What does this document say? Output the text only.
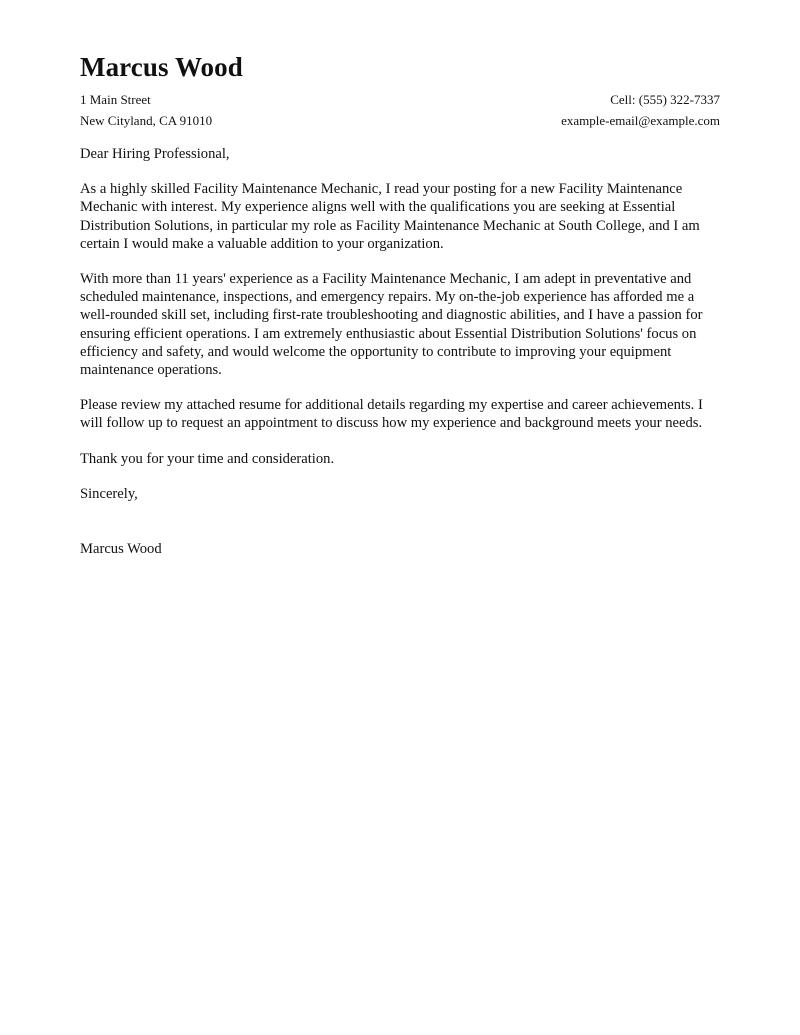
Marcus Wood
1 Main Street	Cell: (555) 322-7337
New Cityland, CA 91010	example-email@example.com

Dear Hiring Professional,

As a highly skilled Facility Maintenance Mechanic, I read your posting for a new Facility Maintenance Mechanic with interest. My experience aligns well with the qualifications you are seeking at Essential Distribution Solutions, in particular my role as Facility Maintenance Mechanic at South College, and I am certain I would make a valuable addition to your organization.

With more than 11 years' experience as a Facility Maintenance Mechanic, I am adept in preventative and scheduled maintenance, inspections, and emergency repairs. My on-the-job experience has afforded me a well-rounded skill set, including first-rate troubleshooting and diagnostic abilities, and I have a passion for ensuring efficient operations. I am extremely enthusiastic about Essential Distribution Solutions' focus on efficiency and safety, and would welcome the opportunity to contribute to improving your equipment maintenance operations.

Please review my attached resume for additional details regarding my expertise and career achievements. I will follow up to request an appointment to discuss how my experience and background meets your needs.

Thank you for your time and consideration.

Sincerely,

Marcus Wood
